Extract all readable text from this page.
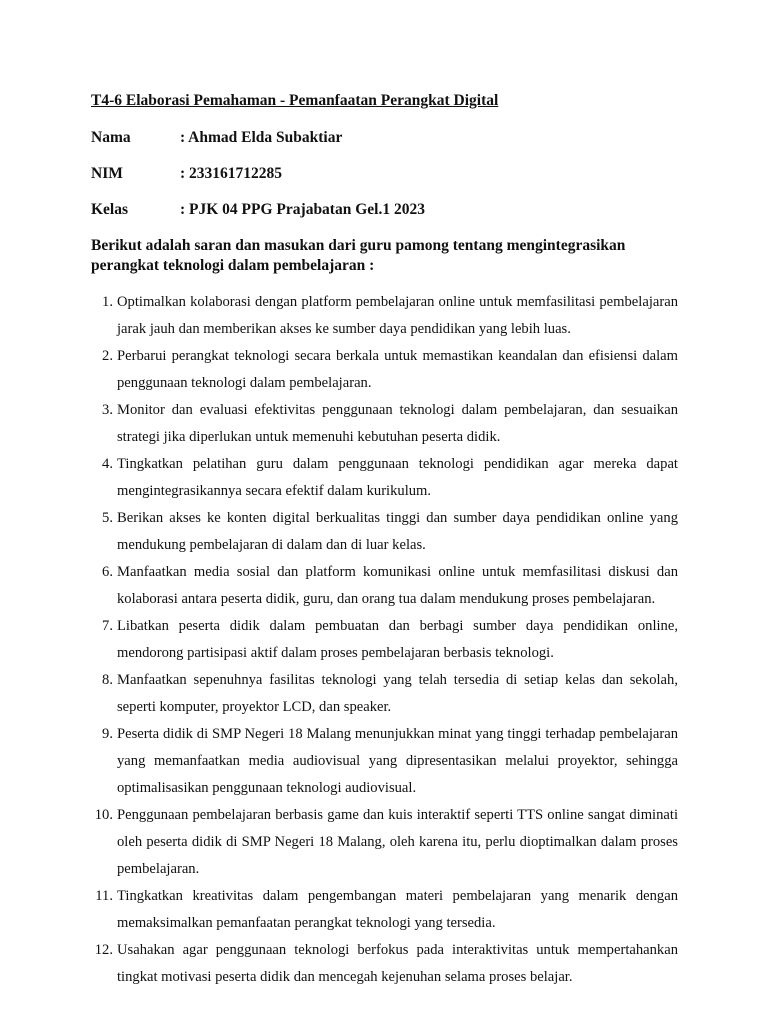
T4-6 Elaborasi Pemahaman - Pemanfaatan Perangkat Digital
Nama	: Ahmad Elda Subaktiar
NIM	: 233161712285
Kelas	: PJK 04 PPG Prajabatan Gel.1 2023
Berikut adalah saran dan masukan dari guru pamong tentang mengintegrasikan perangkat teknologi dalam pembelajaran :
1. Optimalkan kolaborasi dengan platform pembelajaran online untuk memfasilitasi pembelajaran jarak jauh dan memberikan akses ke sumber daya pendidikan yang lebih luas.
2. Perbarui perangkat teknologi secara berkala untuk memastikan keandalan dan efisiensi dalam penggunaan teknologi dalam pembelajaran.
3. Monitor dan evaluasi efektivitas penggunaan teknologi dalam pembelajaran, dan sesuaikan strategi jika diperlukan untuk memenuhi kebutuhan peserta didik.
4. Tingkatkan pelatihan guru dalam penggunaan teknologi pendidikan agar mereka dapat mengintegrasikannya secara efektif dalam kurikulum.
5. Berikan akses ke konten digital berkualitas tinggi dan sumber daya pendidikan online yang mendukung pembelajaran di dalam dan di luar kelas.
6. Manfaatkan media sosial dan platform komunikasi online untuk memfasilitasi diskusi dan kolaborasi antara peserta didik, guru, dan orang tua dalam mendukung proses pembelajaran.
7. Libatkan peserta didik dalam pembuatan dan berbagi sumber daya pendidikan online, mendorong partisipasi aktif dalam proses pembelajaran berbasis teknologi.
8. Manfaatkan sepenuhnya fasilitas teknologi yang telah tersedia di setiap kelas dan sekolah, seperti komputer, proyektor LCD, dan speaker.
9. Peserta didik di SMP Negeri 18 Malang menunjukkan minat yang tinggi terhadap pembelajaran yang memanfaatkan media audiovisual yang dipresentasikan melalui proyektor, sehingga optimalisasikan penggunaan teknologi audiovisual.
10. Penggunaan pembelajaran berbasis game dan kuis interaktif seperti TTS online sangat diminati oleh peserta didik di SMP Negeri 18 Malang, oleh karena itu, perlu dioptimalkan dalam proses pembelajaran.
11. Tingkatkan kreativitas dalam pengembangan materi pembelajaran yang menarik dengan memaksimalkan pemanfaatan perangkat teknologi yang tersedia.
12. Usahakan agar penggunaan teknologi berfokus pada interaktivitas untuk mempertahankan tingkat motivasi peserta didik dan mencegah kejenuhan selama proses belajar.
